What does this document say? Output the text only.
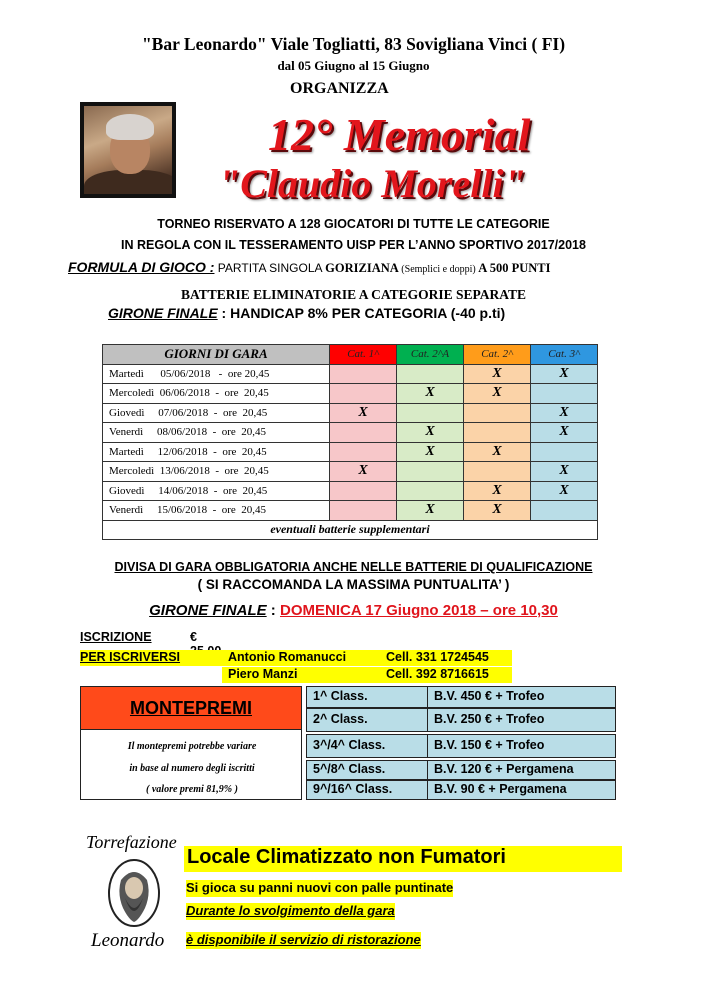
"Bar Leonardo" Viale Togliatti, 83 Sovigliana Vinci ( FI)
dal 05 Giugno al 15 Giugno
ORGANIZZA
12° Memorial
"Claudio Morelli"
TORNEO RISERVATO A 128 GIOCATORI DI TUTTE LE CATEGORIE
IN REGOLA CON IL TESSERAMENTO UISP PER L’ANNO SPORTIVO 2017/2018
FORMULA DI GIOCO : PARTITA SINGOLA GORIZIANA (Semplici e doppi) A 500 PUNTI
BATTERIE ELIMINATORIE A CATEGORIE SEPARATE
GIRONE FINALE : HANDICAP 8% PER CATEGORIA (-40 p.ti)
GIORNI DI GARA	Cat. 1^	Cat. 2^A	Cat. 2^	Cat. 3^
Martedì      05/06/2018   -  ore 20,45			X	X
Mercoledì  06/06/2018  -  ore  20,45		X	X	
Giovedì     07/06/2018  -  ore  20,45	X			X
Venerdì     08/06/2018  -  ore  20,45		X		X
Martedì     12/06/2018  -  ore  20,45		X	X	
Mercoledì  13/06/2018  -  ore  20,45	X			X
Giovedì     14/06/2018  -  ore  20,45			X	X
Venerdì     15/06/2018  -  ore  20,45		X	X	
eventuali batterie supplementari				
DIVISA DI GARA OBBLIGATORIA ANCHE NELLE BATTERIE DI QUALIFICAZIONE
( SI RACCOMANDA LA MASSIMA PUNTUALITA’ )
GIRONE FINALE : DOMENICA 17 Giugno 2018 – ore 10,30
ISCRIZIONE	€
PER ISCRIVERSI	Antonio Romanucci	Cell. 331 1724545
Piero Manzi	Cell. 392 8716615
MONTEPREMI
Il montepremi potrebbe variare
in base al numero degli iscritti
( valore premi 81,9% )
1^ Class.	B.V. 450 € + Trofeo
2^ Class.	B.V. 250 € + Trofeo
3^/4^ Class.	B.V. 150 € + Trofeo
5^/8^ Class.	B.V. 120 € + Pergamena
9^/16^ Class.	B.V. 90 € + Pergamena
Torrefazione
Leonardo
Locale Climatizzato non Fumatori
Si gioca su panni nuovi con palle puntinate
Durante lo svolgimento della gara
è disponibile il servizio di ristorazione
